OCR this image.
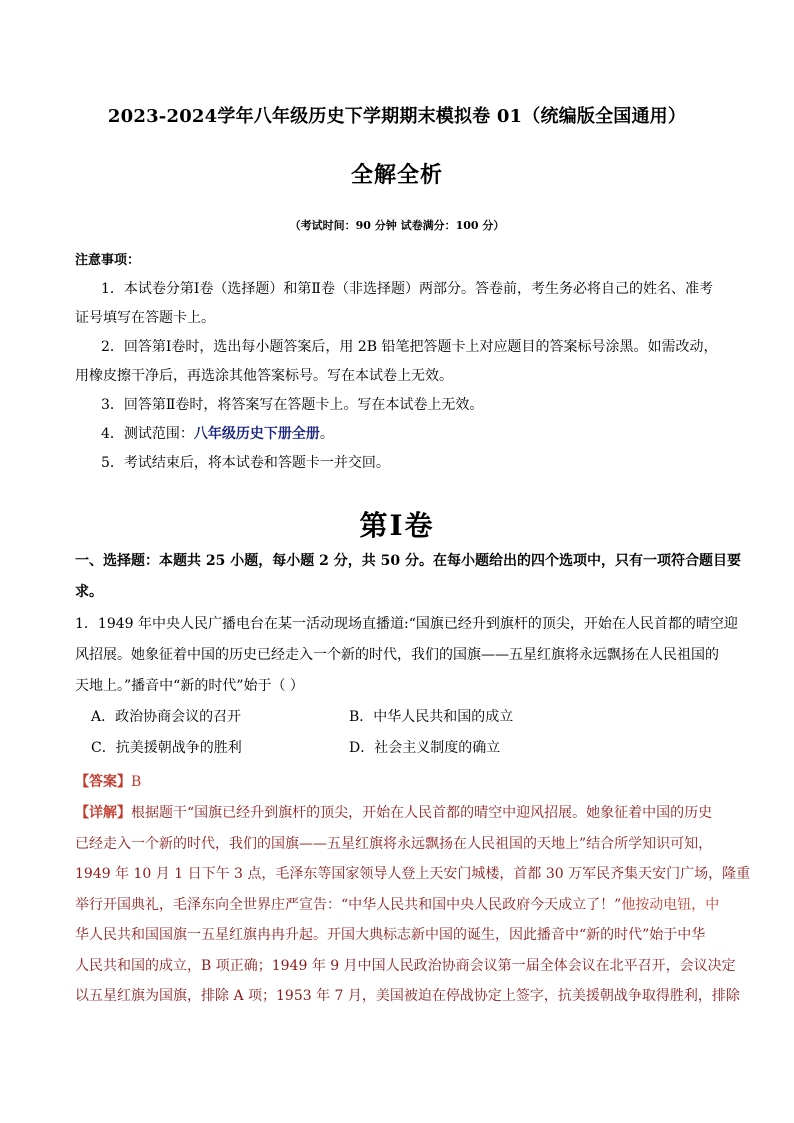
2023-2024学年八年级历史下学期期末模拟卷 01（统编版全国通用）
全解全析
（考试时间：90 分钟 试卷满分：100 分）
注意事项：
1．本试卷分第Ⅰ卷（选择题）和第Ⅱ卷（非选择题）两部分。答卷前，考生务必将自己的姓名、准考
证号填写在答题卡上。
2．回答第Ⅰ卷时，选出每小题答案后，用 2B 铅笔把答题卡上对应题目的答案标号涂黑。如需改动，
用橡皮擦干净后，再选涂其他答案标号。写在本试卷上无效。
3．回答第Ⅱ卷时，将答案写在答题卡上。写在本试卷上无效。
4．测试范围：八年级历史下册全册。
5．考试结束后，将本试卷和答题卡一并交回。
第Ⅰ卷
一、选择题：本题共 25 小题，每小题 2 分，共 50 分。在每小题给出的四个选项中，只有一项符合题目要
求。
1．1949 年中央人民广播电台在某一活动现场直播道:“国旗已经升到旗杆的顶尖，开始在人民首都的晴空迎
风招展。她象征着中国的历史已经走入一个新的时代，我们的国旗——五星红旗将永远飘扬在人民祖国的
天地上。”播音中“新的时代”始于（ ）
A．政治协商会议的召开	B．中华人民共和国的成立
C．抗美援朝战争的胜利	D．社会主义制度的确立
【答案】B
【详解】根据题干“国旗已经升到旗杆的顶尖，开始在人民首都的晴空中迎风招展。她象征着中国的历史
已经走入一个新的时代，我们的国旗——五星红旗将永远飘扬在人民祖国的天地上”结合所学知识可知，
1949 年 10 月 1 日下午 3 点，毛泽东等国家领导人登上天安门城楼，首都 30 万军民齐集天安门广场，隆重
举行开国典礼，毛泽东向全世界庄严宣告：“中华人民共和国中央人民政府今天成立了！”他按动电钮，中
华人民共和国国旗一五星红旗冉冉升起。开国大典标志新中国的诞生，因此播音中“新的时代”始于中华
人民共和国的成立，B 项正确；1949 年 9 月中国人民政治协商会议第一届全体会议在北平召开，会议决定
以五星红旗为国旗，排除 A 项；1953 年 7 月，美国被迫在停战协定上签字，抗美援朝战争取得胜利，排除
